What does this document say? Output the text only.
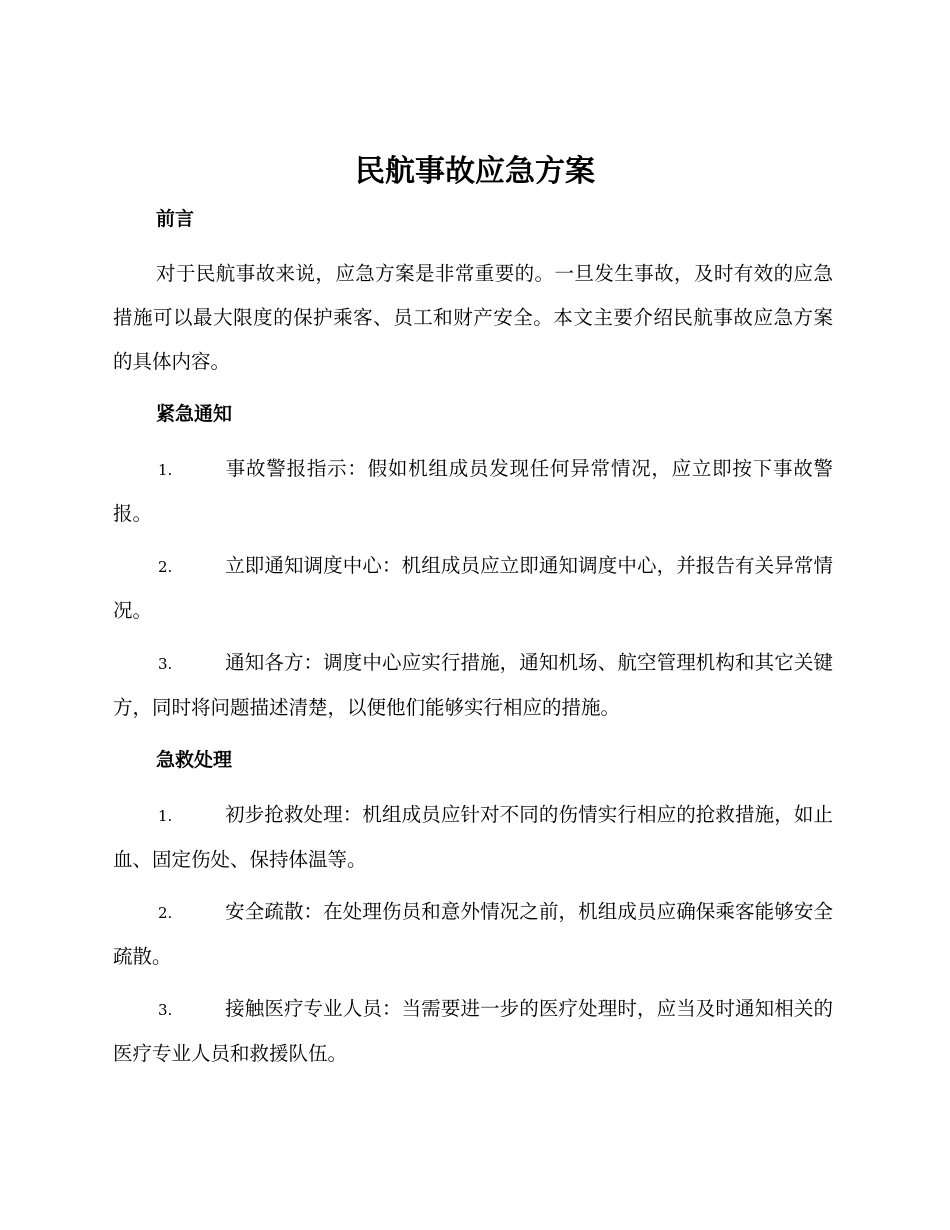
民航事故应急方案
前言

对于民航事故来说，应急方案是非常重要的。一旦发生事故，及时有效的应急措施可以最大限度的保护乘客、员工和财产安全。本文主要介绍民航事故应急方案的具体内容。

紧急通知

1.	事故警报指示：假如机组成员发现任何异常情况，应立即按下事故警报。

2.	立即通知调度中心：机组成员应立即通知调度中心，并报告有关异常情况。

3.	通知各方：调度中心应实行措施，通知机场、航空管理机构和其它关键方，同时将问题描述清楚，以便他们能够实行相应的措施。

急救处理

1.	初步抢救处理：机组成员应针对不同的伤情实行相应的抢救措施，如止血、固定伤处、保持体温等。

2.	安全疏散：在处理伤员和意外情况之前，机组成员应确保乘客能够安全疏散。

3.	接触医疗专业人员：当需要进一步的医疗处理时，应当及时通知相关的医疗专业人员和救援队伍。
